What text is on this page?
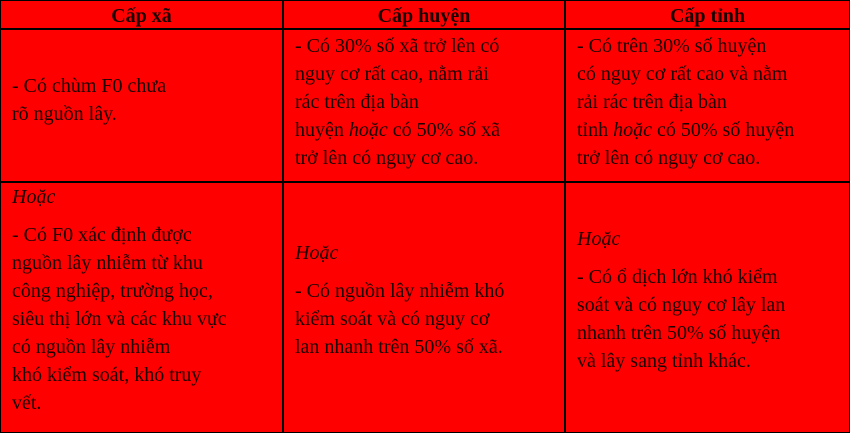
Cấp xã	Cấp huyện	Cấp tỉnh
- Có chùm F0 chưa
rõ nguồn lây.
- Có 30% số xã trở lên có
nguy cơ rất cao, nằm rải
rác trên địa bàn
huyện hoặc có 50% số xã
trở lên có nguy cơ cao.
- Có trên 30% số huyện
có nguy cơ rất cao và nằm
rải rác trên địa bàn
tỉnh hoặc có 50% số huyện
trở lên có nguy cơ cao.
Hoặc
- Có F0 xác định được
nguồn lây nhiễm từ khu
công nghiệp, trường học,
siêu thị lớn và các khu vực
có nguồn lây nhiễm
khó kiểm soát, khó truy
vết.
Hoặc
- Có nguồn lây nhiễm khó
kiểm soát và có nguy cơ
lan nhanh trên 50% số xã.
Hoặc
- Có ổ dịch lớn khó kiểm
soát và có nguy cơ lây lan
nhanh trên 50% số huyện
và lây sang tỉnh khác.
